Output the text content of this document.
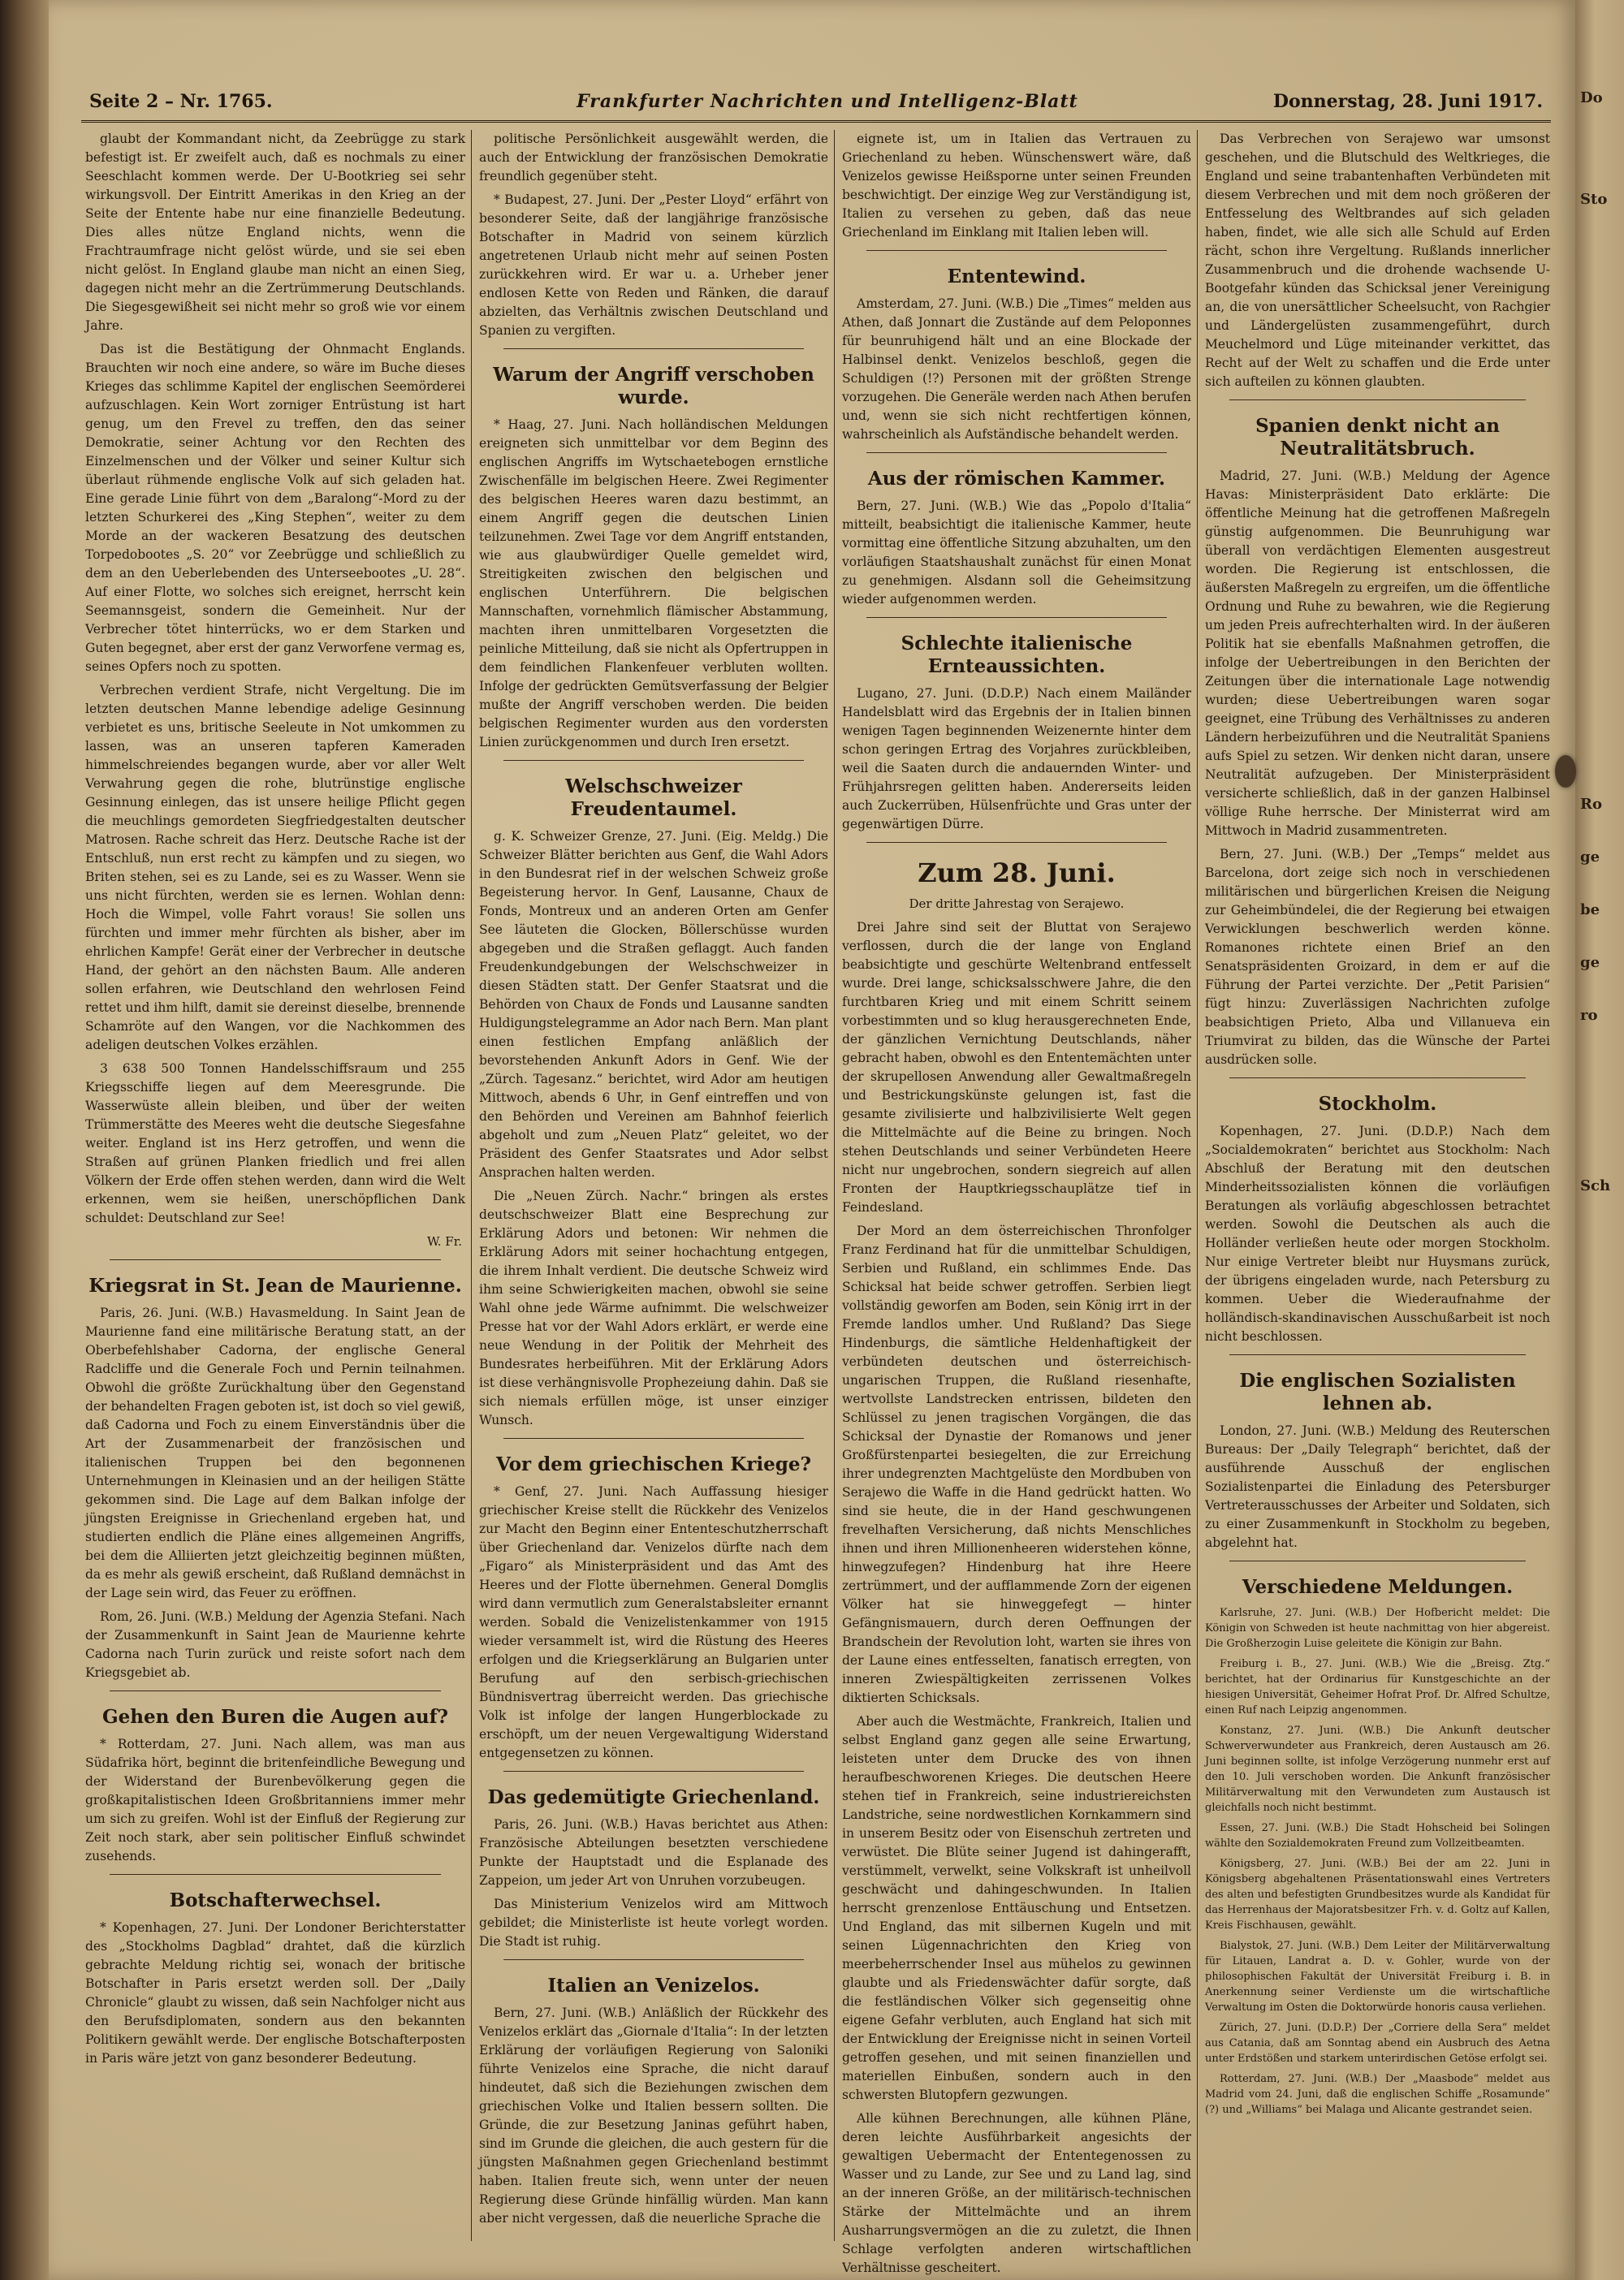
Do
Sto
Ro
ge
be
ge
ro
Sch
Seite 2 – Nr. 1765.	Frankfurter Nachrichten und Intelligenz-Blatt	Donnerstag, 28. Juni 1917.
glaubt der Kommandant nicht, da Zeebrügge zu stark befestigt ist. Er zweifelt auch, daß es nochmals zu einer Seeschlacht kommen werde. Der U-Bootkrieg sei sehr wirkungsvoll. Der Eintritt Amerikas in den Krieg an der Seite der Entente habe nur eine finanzielle Bedeutung. Dies alles nütze England nichts, wenn die Frachtraumfrage nicht gelöst würde, und sie sei eben nicht gelöst. In England glaube man nicht an einen Sieg, dagegen nicht mehr an die Zertrümmerung Deutschlands. Die Siegesgewißheit sei nicht mehr so groß wie vor einem Jahre.
Das ist die Bestätigung der Ohnmacht Englands. Brauchten wir noch eine andere, so wäre im Buche dieses Krieges das schlimme Kapitel der englischen Seemörderei aufzuschlagen. Kein Wort zorniger Entrüstung ist hart genug, um den Frevel zu treffen, den das seiner Demokratie, seiner Achtung vor den Rechten des Einzelmenschen und der Völker und seiner Kultur sich überlaut rühmende englische Volk auf sich geladen hat. Eine gerade Linie führt von dem „Baralong“-Mord zu der letzten Schurkerei des „King Stephen“, weiter zu dem Morde an der wackeren Besatzung des deutschen Torpedobootes „S. 20“ vor Zeebrügge und schließlich zu dem an den Ueberlebenden des Unterseebootes „U. 28“. Auf einer Flotte, wo solches sich ereignet, herrscht kein Seemannsgeist, sondern die Gemeinheit. Nur der Verbrecher tötet hinterrücks, wo er dem Starken und Guten begegnet, aber erst der ganz Verworfene vermag es, seines Opfers noch zu spotten.
Verbrechen verdient Strafe, nicht Vergeltung. Die im letzten deutschen Manne lebendige adelige Gesinnung verbietet es uns, britische Seeleute in Not umkommen zu lassen, was an unseren tapferen Kameraden himmelschreiendes begangen wurde, aber vor aller Welt Verwahrung gegen die rohe, blutrünstige englische Gesinnung einlegen, das ist unsere heilige Pflicht gegen die meuchlings gemordeten Siegfriedgestalten deutscher Matrosen. Rache schreit das Herz. Deutsche Rache ist der Entschluß, nun erst recht zu kämpfen und zu siegen, wo Briten stehen, sei es zu Lande, sei es zu Wasser. Wenn sie uns nicht fürchten, werden sie es lernen. Wohlan denn: Hoch die Wimpel, volle Fahrt voraus! Sie sollen uns fürchten und immer mehr fürchten als bisher, aber im ehrlichen Kampfe! Gerät einer der Verbrecher in deutsche Hand, der gehört an den nächsten Baum. Alle anderen sollen erfahren, wie Deutschland den wehrlosen Feind rettet und ihm hilft, damit sie dereinst dieselbe, brennende Schamröte auf den Wangen, vor die Nachkommen des adeligen deutschen Volkes erzählen.
3 638 500 Tonnen Handelsschiffsraum und 255 Kriegsschiffe liegen auf dem Meeresgrunde. Die Wasserwüste allein bleiben, und über der weiten Trümmerstätte des Meeres weht die deutsche Siegesfahne weiter. England ist ins Herz getroffen, und wenn die Straßen auf grünen Planken friedlich und frei allen Völkern der Erde offen stehen werden, dann wird die Welt erkennen, wem sie heißen, unerschöpflichen Dank schuldet: Deutschland zur See!
W. Fr.
Kriegsrat in St. Jean de Maurienne.
Paris, 26. Juni. (W.B.) Havasmeldung. In Saint Jean de Maurienne fand eine militärische Beratung statt, an der Oberbefehlshaber Cadorna, der englische General Radcliffe und die Generale Foch und Pernin teilnahmen. Obwohl die größte Zurückhaltung über den Gegenstand der behandelten Fragen geboten ist, ist doch so viel gewiß, daß Cadorna und Foch zu einem Einverständnis über die Art der Zusammenarbeit der französischen und italienischen Truppen bei den begonnenen Unternehmungen in Kleinasien und an der heiligen Stätte gekommen sind. Die Lage auf dem Balkan infolge der jüngsten Ereignisse in Griechenland ergeben hat, und studierten endlich die Pläne eines allgemeinen Angriffs, bei dem die Alliierten jetzt gleichzeitig beginnen müßten, da es mehr als gewiß erscheint, daß Rußland demnächst in der Lage sein wird, das Feuer zu eröffnen.
Rom, 26. Juni. (W.B.) Meldung der Agenzia Stefani. Nach der Zusammenkunft in Saint Jean de Maurienne kehrte Cadorna nach Turin zurück und reiste sofort nach dem Kriegsgebiet ab.
Gehen den Buren die Augen auf?
* Rotterdam, 27. Juni. Nach allem, was man aus Südafrika hört, beginnt die britenfeindliche Bewegung und der Widerstand der Burenbevölkerung gegen die großkapitalistischen Ideen Großbritanniens immer mehr um sich zu greifen. Wohl ist der Einfluß der Regierung zur Zeit noch stark, aber sein politischer Einfluß schwindet zusehends.
Botschafterwechsel.
* Kopenhagen, 27. Juni. Der Londoner Berichterstatter des „Stockholms Dagblad“ drahtet, daß die kürzlich gebrachte Meldung richtig sei, wonach der britische Botschafter in Paris ersetzt werden soll. Der „Daily Chronicle“ glaubt zu wissen, daß sein Nachfolger nicht aus den Berufsdiplomaten, sondern aus den bekannten Politikern gewählt werde. Der englische Botschafterposten in Paris wäre jetzt von ganz besonderer Bedeutung.
politische Persönlichkeit ausgewählt werden, die auch der Entwicklung der französischen Demokratie freundlich gegenüber steht.
* Budapest, 27. Juni. Der „Pester Lloyd“ erfährt von besonderer Seite, daß der langjährige französische Botschafter in Madrid von seinem kürzlich angetretenen Urlaub nicht mehr auf seinen Posten zurückkehren wird. Er war u. a. Urheber jener endlosen Kette von Reden und Ränken, die darauf abzielten, das Verhältnis zwischen Deutschland und Spanien zu vergiften.
Warum der Angriff verschoben wurde.
* Haag, 27. Juni. Nach holländischen Meldungen ereigneten sich unmittelbar vor dem Beginn des englischen Angriffs im Wytschaetebogen ernstliche Zwischenfälle im belgischen Heere. Zwei Regimenter des belgischen Heeres waren dazu bestimmt, an einem Angriff gegen die deutschen Linien teilzunehmen. Zwei Tage vor dem Angriff entstanden, wie aus glaubwürdiger Quelle gemeldet wird, Streitigkeiten zwischen den belgischen und englischen Unterführern. Die belgischen Mannschaften, vornehmlich flämischer Abstammung, machten ihren unmittelbaren Vorgesetzten die peinliche Mitteilung, daß sie nicht als Opfertruppen in dem feindlichen Flankenfeuer verbluten wollten. Infolge der gedrückten Gemütsverfassung der Belgier mußte der Angriff verschoben werden. Die beiden belgischen Regimenter wurden aus den vordersten Linien zurückgenommen und durch Iren ersetzt.
Welschschweizer Freudentaumel.
g. K. Schweizer Grenze, 27. Juni. (Eig. Meldg.) Die Schweizer Blätter berichten aus Genf, die Wahl Adors in den Bundesrat rief in der welschen Schweiz große Begeisterung hervor. In Genf, Lausanne, Chaux de Fonds, Montreux und an anderen Orten am Genfer See läuteten die Glocken, Böllerschüsse wurden abgegeben und die Straßen geflaggt. Auch fanden Freudenkundgebungen der Welschschweizer in diesen Städten statt. Der Genfer Staatsrat und die Behörden von Chaux de Fonds und Lausanne sandten Huldigungstelegramme an Ador nach Bern. Man plant einen festlichen Empfang anläßlich der bevorstehenden Ankunft Adors in Genf. Wie der „Zürch. Tagesanz.“ berichtet, wird Ador am heutigen Mittwoch, abends 6 Uhr, in Genf eintreffen und von den Behörden und Vereinen am Bahnhof feierlich abgeholt und zum „Neuen Platz“ geleitet, wo der Präsident des Genfer Staatsrates und Ador selbst Ansprachen halten werden.
Die „Neuen Zürch. Nachr.“ bringen als erstes deutschschweizer Blatt eine Besprechung zur Erklärung Adors und betonen: Wir nehmen die Erklärung Adors mit seiner hochachtung entgegen, die ihrem Inhalt verdient. Die deutsche Schweiz wird ihm seine Schwierigkeiten machen, obwohl sie seine Wahl ohne jede Wärme aufnimmt. Die welschweizer Presse hat vor der Wahl Adors erklärt, er werde eine neue Wendung in der Politik der Mehrheit des Bundesrates herbeiführen. Mit der Erklärung Adors ist diese verhängnisvolle Prophezeiung dahin. Daß sie sich niemals erfüllen möge, ist unser einziger Wunsch.
Vor dem griechischen Kriege?
* Genf, 27. Juni. Nach Auffassung hiesiger griechischer Kreise stellt die Rückkehr des Venizelos zur Macht den Beginn einer Ententeschutzherrschaft über Griechenland dar. Venizelos dürfte nach dem „Figaro“ als Ministerpräsident und das Amt des Heeres und der Flotte übernehmen. General Domglis wird dann vermutlich zum Generalstabsleiter ernannt werden. Sobald die Venizelistenkammer von 1915 wieder versammelt ist, wird die Rüstung des Heeres erfolgen und die Kriegserklärung an Bulgarien unter Berufung auf den serbisch-griechischen Bündnisvertrag überreicht werden. Das griechische Volk ist infolge der langen Hungerblockade zu erschöpft, um der neuen Vergewaltigung Widerstand entgegensetzen zu können.
Das gedemütigte Griechenland.
Paris, 26. Juni. (W.B.) Havas berichtet aus Athen: Französische Abteilungen besetzten verschiedene Punkte der Hauptstadt und die Esplanade des Zappeion, um jeder Art von Unruhen vorzubeugen.
Das Ministerium Venizelos wird am Mittwoch gebildet; die Ministerliste ist heute vorlegt worden. Die Stadt ist ruhig.
Italien an Venizelos.
Bern, 27. Juni. (W.B.) Anläßlich der Rückkehr des Venizelos erklärt das „Giornale d'Italia“: In der letzten Erklärung der vorläufigen Regierung von Saloniki führte Venizelos eine Sprache, die nicht darauf hindeutet, daß sich die Beziehungen zwischen dem griechischen Volke und Italien bessern sollten. Die Gründe, die zur Besetzung Janinas geführt haben, sind im Grunde die gleichen, die auch gestern für die jüngsten Maßnahmen gegen Griechenland bestimmt haben. Italien freute sich, wenn unter der neuen Regierung diese Gründe hinfällig würden. Man kann aber nicht vergessen, daß die neuerliche Sprache die
eignete ist, um in Italien das Vertrauen zu Griechenland zu heben. Wünschenswert wäre, daß Venizelos gewisse Heißsporne unter seinen Freunden beschwichtigt. Der einzige Weg zur Verständigung ist, Italien zu versehen zu geben, daß das neue Griechenland im Einklang mit Italien leben will.
Ententewind.
Amsterdam, 27. Juni. (W.B.) Die „Times“ melden aus Athen, daß Jonnart die Zustände auf dem Peloponnes für beunruhigend hält und an eine Blockade der Halbinsel denkt. Venizelos beschloß, gegen die Schuldigen (!?) Personen mit der größten Strenge vorzugehen. Die Generäle werden nach Athen berufen und, wenn sie sich nicht rechtfertigen können, wahrscheinlich als Aufständische behandelt werden.
Aus der römischen Kammer.
Bern, 27. Juni. (W.B.) Wie das „Popolo d'Italia“ mitteilt, beabsichtigt die italienische Kammer, heute vormittag eine öffentliche Sitzung abzuhalten, um den vorläufigen Staatshaushalt zunächst für einen Monat zu genehmigen. Alsdann soll die Geheimsitzung wieder aufgenommen werden.
Schlechte italienische Ernteaussichten.
Lugano, 27. Juni. (D.D.P.) Nach einem Mailänder Handelsblatt wird das Ergebnis der in Italien binnen wenigen Tagen beginnenden Weizenernte hinter dem schon geringen Ertrag des Vorjahres zurückbleiben, weil die Saaten durch die andauernden Winter- und Frühjahrsregen gelitten haben. Andererseits leiden auch Zuckerrüben, Hülsenfrüchte und Gras unter der gegenwärtigen Dürre.
Zum 28. Juni.
Der dritte Jahrestag von Serajewo.
Drei Jahre sind seit der Bluttat von Serajewo verflossen, durch die der lange von England beabsichtigte und geschürte Weltenbrand entfesselt wurde. Drei lange, schicksalsschwere Jahre, die den furchtbaren Krieg und mit einem Schritt seinem vorbestimmten und so klug herausgerechneten Ende, der gänzlichen Vernichtung Deutschlands, näher gebracht haben, obwohl es den Ententemächten unter der skrupellosen Anwendung aller Gewaltmaßregeln und Bestrickungskünste gelungen ist, fast die gesamte zivilisierte und halbzivilisierte Welt gegen die Mittelmächte auf die Beine zu bringen. Noch stehen Deutschlands und seiner Verbündeten Heere nicht nur ungebrochen, sondern siegreich auf allen Fronten der Hauptkriegsschauplätze tief in Feindesland.
Der Mord an dem österreichischen Thronfolger Franz Ferdinand hat für die unmittelbar Schuldigen, Serbien und Rußland, ein schlimmes Ende. Das Schicksal hat beide schwer getroffen. Serbien liegt vollständig geworfen am Boden, sein König irrt in der Fremde landlos umher. Und Rußland? Das Siege Hindenburgs, die sämtliche Heldenhaftigkeit der verbündeten deutschen und österreichisch-ungarischen Truppen, die Rußland riesenhafte, wertvollste Landstrecken entrissen, bildeten den Schlüssel zu jenen tragischen Vorgängen, die das Schicksal der Dynastie der Romanows und jener Großfürstenpartei besiegelten, die zur Erreichung ihrer undegrenzten Machtgelüste den Mordbuben von Serajewo die Waffe in die Hand gedrückt hatten. Wo sind sie heute, die in der Hand geschwungenen frevelhaften Versicherung, daß nichts Menschliches ihnen und ihren Millionenheeren widerstehen könne, hinwegzufegen? Hindenburg hat ihre Heere zertrümmert, und der aufflammende Zorn der eigenen Völker hat sie hinweggefegt — hinter Gefängnismauern, durch deren Oeffnungen der Brandschein der Revolution loht, warten sie ihres von der Laune eines entfesselten, fanatisch erregten, von inneren Zwiespältigkeiten zerrissenen Volkes diktierten Schicksals.
Aber auch die Westmächte, Frankreich, Italien und selbst England ganz gegen alle seine Erwartung, leisteten unter dem Drucke des von ihnen heraufbeschworenen Krieges. Die deutschen Heere stehen tief in Frankreich, seine industriereichsten Landstriche, seine nordwestlichen Kornkammern sind in unserem Besitz oder von Eisenschuh zertreten und verwüstet. Die Blüte seiner Jugend ist dahingerafft, verstümmelt, verwelkt, seine Volkskraft ist unheilvoll geschwächt und dahingeschwunden. In Italien herrscht grenzenlose Enttäuschung und Entsetzen. Und England, das mit silbernen Kugeln und mit seinen Lügennachrichten den Krieg von meerbeherrschender Insel aus mühelos zu gewinnen glaubte und als Friedenswächter dafür sorgte, daß die festländischen Völker sich gegenseitig ohne eigene Gefahr verbluten, auch England hat sich mit der Entwicklung der Ereignisse nicht in seinen Vorteil getroffen gesehen, und mit seinen finanziellen und materiellen Einbußen, sondern auch in den schwersten Blutopfern gezwungen.
Alle kühnen Berechnungen, alle kühnen Pläne, deren leichte Ausführbarkeit angesichts der gewaltigen Uebermacht der Ententegenossen zu Wasser und zu Lande, zur See und zu Land lag, sind an der inneren Größe, an der militärisch-technischen Stärke der Mittelmächte und an ihrem Ausharrungsvermögen an die zu zuletzt, die Ihnen Schlage verfolgten anderen wirtschaftlichen Verhältnisse gescheitert.
Das Verbrechen von Serajewo war umsonst geschehen, und die Blutschuld des Weltkrieges, die England und seine trabantenhaften Verbündeten mit diesem Verbrechen und mit dem noch größeren der Entfesselung des Weltbrandes auf sich geladen haben, findet, wie alle sich alle Schuld auf Erden rächt, schon ihre Vergeltung. Rußlands innerlicher Zusammenbruch und die drohende wachsende U-Bootgefahr künden das Schicksal jener Vereinigung an, die von unersättlicher Scheelsucht, von Rachgier und Ländergelüsten zusammengeführt, durch Meuchelmord und Lüge miteinander verkittet, das Recht auf der Welt zu schaffen und die Erde unter sich aufteilen zu können glaubten.
Spanien denkt nicht an Neutralitätsbruch.
Madrid, 27. Juni. (W.B.) Meldung der Agence Havas: Ministerpräsident Dato erklärte: Die öffentliche Meinung hat die getroffenen Maßregeln günstig aufgenommen. Die Beunruhigung war überall von verdächtigen Elementen ausgestreut worden. Die Regierung ist entschlossen, die äußersten Maßregeln zu ergreifen, um die öffentliche Ordnung und Ruhe zu bewahren, wie die Regierung um jeden Preis aufrechterhalten wird. In der äußeren Politik hat sie ebenfalls Maßnahmen getroffen, die infolge der Uebertreibungen in den Berichten der Zeitungen über die internationale Lage notwendig wurden; diese Uebertreibungen waren sogar geeignet, eine Trübung des Verhältnisses zu anderen Ländern herbeizuführen und die Neutralität Spaniens aufs Spiel zu setzen. Wir denken nicht daran, unsere Neutralität aufzugeben. Der Ministerpräsident versicherte schließlich, daß in der ganzen Halbinsel völlige Ruhe herrsche. Der Ministerrat wird am Mittwoch in Madrid zusammentreten.
Bern, 27. Juni. (W.B.) Der „Temps“ meldet aus Barcelona, dort zeige sich noch in verschiedenen militärischen und bürgerlichen Kreisen die Neigung zur Geheimbündelei, die der Regierung bei etwaigen Verwicklungen beschwerlich werden könne. Romanones richtete einen Brief an den Senatspräsidenten Groizard, in dem er auf die Führung der Partei verzichte. Der „Petit Parisien“ fügt hinzu: Zuverlässigen Nachrichten zufolge beabsichtigen Prieto, Alba und Villanueva ein Triumvirat zu bilden, das die Wünsche der Partei ausdrücken solle.
Stockholm.
Kopenhagen, 27. Juni. (D.D.P.) Nach dem „Socialdemokraten“ berichtet aus Stockholm: Nach Abschluß der Beratung mit den deutschen Minderheitssozialisten können die vorläufigen Beratungen als vorläufig abgeschlossen betrachtet werden. Sowohl die Deutschen als auch die Holländer verließen heute oder morgen Stockholm. Nur einige Vertreter bleibt nur Huysmans zurück, der übrigens eingeladen wurde, nach Petersburg zu kommen. Ueber die Wiederaufnahme der holländisch-skandinavischen Ausschußarbeit ist noch nicht beschlossen.
Die englischen Sozialisten lehnen ab.
London, 27. Juni. (W.B.) Meldung des Reuterschen Bureaus: Der „Daily Telegraph“ berichtet, daß der ausführende Ausschuß der englischen Sozialistenpartei die Einladung des Petersburger Vertreterausschusses der Arbeiter und Soldaten, sich zu einer Zusammenkunft in Stockholm zu begeben, abgelehnt hat.
Verschiedene Meldungen.
Karlsruhe, 27. Juni. (W.B.) Der Hofbericht meldet: Die Königin von Schweden ist heute nachmittag von hier abgereist. Die Großherzogin Luise geleitete die Königin zur Bahn.
Freiburg i. B., 27. Juni. (W.B.) Wie die „Breisg. Ztg.“ berichtet, hat der Ordinarius für Kunstgeschichte an der hiesigen Universität, Geheimer Hofrat Prof. Dr. Alfred Schultze, einen Ruf nach Leipzig angenommen.
Konstanz, 27. Juni. (W.B.) Die Ankunft deutscher Schwerverwundeter aus Frankreich, deren Austausch am 26. Juni beginnen sollte, ist infolge Verzögerung nunmehr erst auf den 10. Juli verschoben worden. Die Ankunft französischer Militärverwaltung mit den Verwundeten zum Austausch ist gleichfalls noch nicht bestimmt.
Essen, 27. Juni. (W.B.) Die Stadt Hohscheid bei Solingen wählte den Sozialdemokraten Freund zum Vollzeitbeamten.
Königsberg, 27. Juni. (W.B.) Bei der am 22. Juni in Königsberg abgehaltenen Präsentationswahl eines Vertreters des alten und befestigten Grundbesitzes wurde als Kandidat für das Herrenhaus der Majoratsbesitzer Frh. v. d. Goltz auf Kallen, Kreis Fischhausen, gewählt.
Bialystok, 27. Juni. (W.B.) Dem Leiter der Militärverwaltung für Litauen, Landrat a. D. v. Gohler, wurde von der philosophischen Fakultät der Universität Freiburg i. B. in Anerkennung seiner Verdienste um die wirtschaftliche Verwaltung im Osten die Doktorwürde honoris causa verliehen.
Zürich, 27. Juni. (D.D.P.) Der „Corriere della Sera“ meldet aus Catania, daß am Sonntag abend ein Ausbruch des Aetna unter Erdstößen und starkem unterirdischen Getöse erfolgt sei.
Rotterdam, 27. Juni. (W.B.) Der „Maasbode“ meldet aus Madrid vom 24. Juni, daß die englischen Schiffe „Rosamunde“ (?) und „Williams“ bei Malaga und Alicante gestrandet seien.
